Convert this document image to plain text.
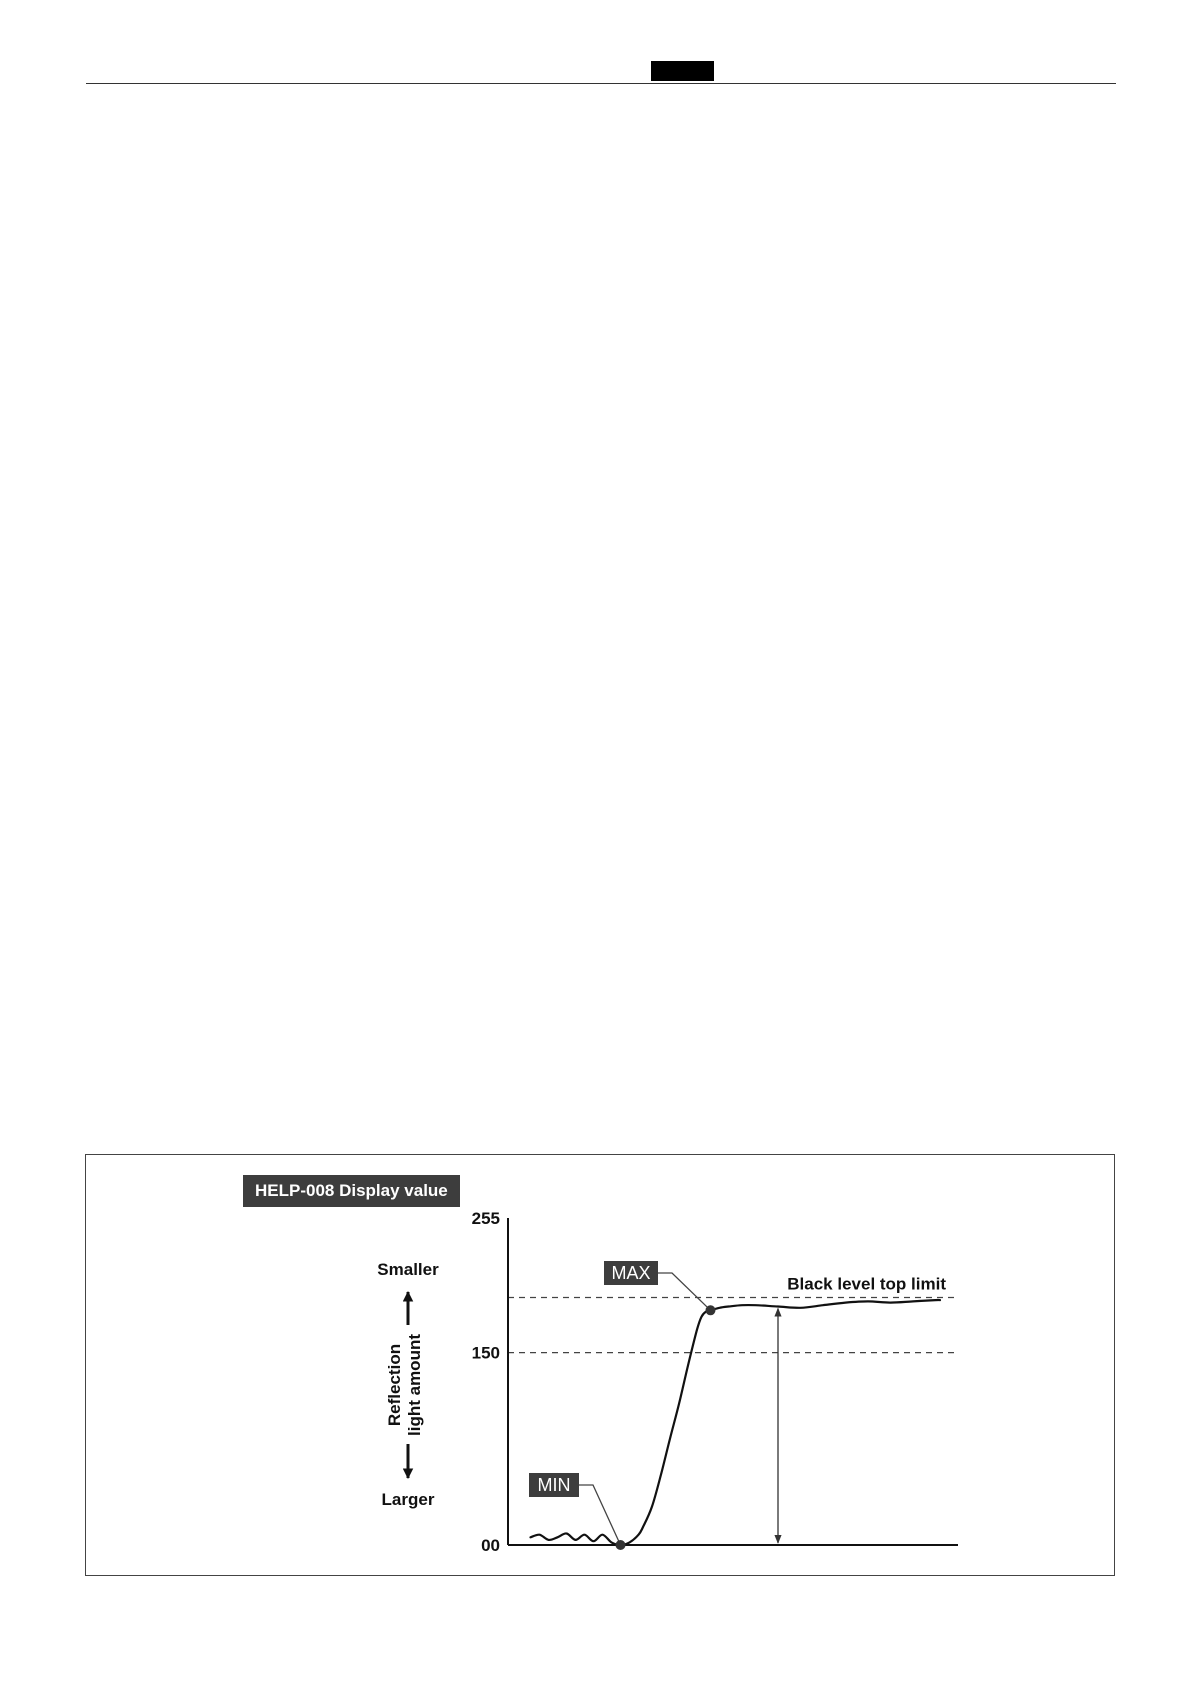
HELP-008 Display value
00
150
255
Black level top limit
MAX
MIN
Smaller
Reflection light amount
Larger
